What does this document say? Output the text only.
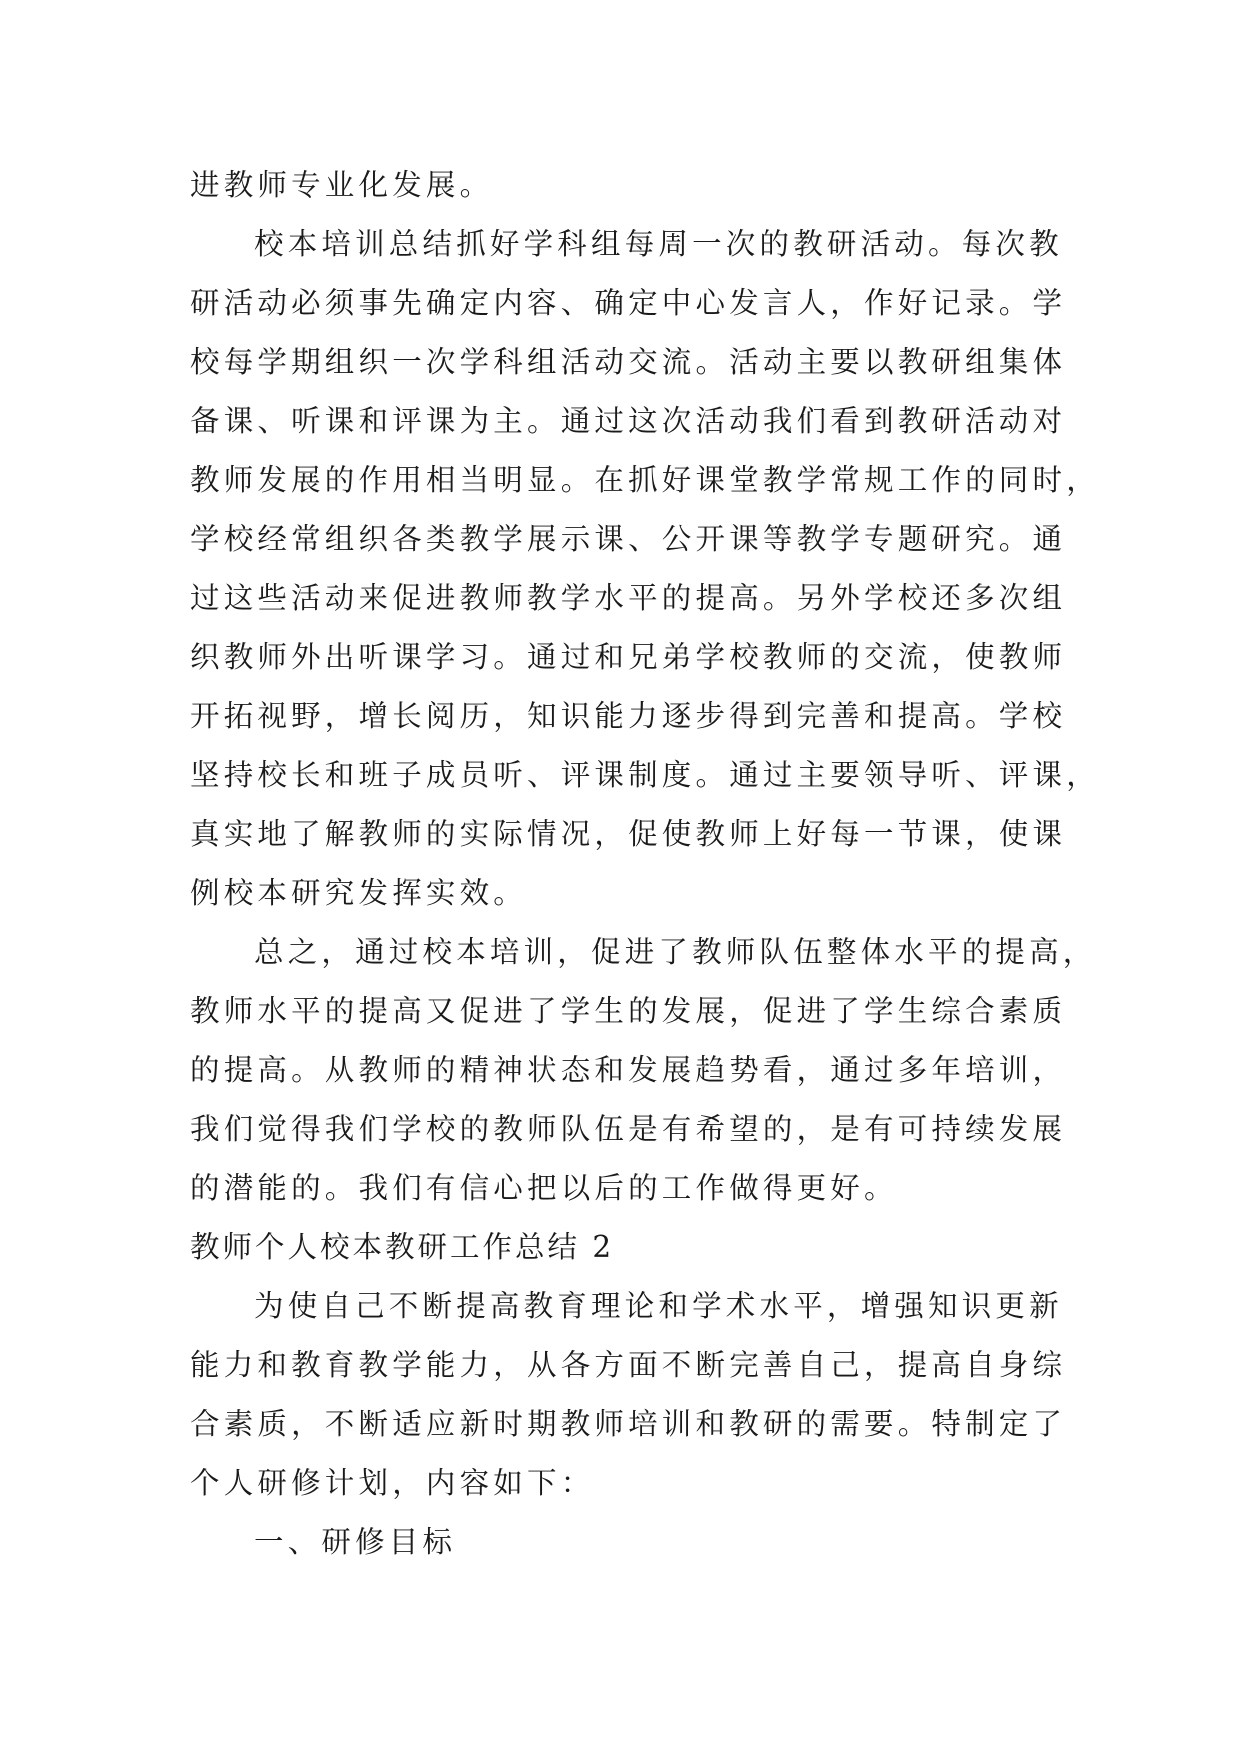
进教师专业化发展。
校本培训总结抓好学科组每周一次的教研活动。每次教
研活动必须事先确定内容、确定中心发言人，作好记录。学
校每学期组织一次学科组活动交流。活动主要以教研组集体
备课、听课和评课为主。通过这次活动我们看到教研活动对
教师发展的作用相当明显。在抓好课堂教学常规工作的同时，
学校经常组织各类教学展示课、公开课等教学专题研究。通
过这些活动来促进教师教学水平的提高。另外学校还多次组
织教师外出听课学习。通过和兄弟学校教师的交流，使教师
开拓视野，增长阅历，知识能力逐步得到完善和提高。学校
坚持校长和班子成员听、评课制度。通过主要领导听、评课，
真实地了解教师的实际情况，促使教师上好每一节课，使课
例校本研究发挥实效。
总之，通过校本培训，促进了教师队伍整体水平的提高，
教师水平的提高又促进了学生的发展，促进了学生综合素质
的提高。从教师的精神状态和发展趋势看，通过多年培训，
我们觉得我们学校的教师队伍是有希望的，是有可持续发展
的潜能的。我们有信心把以后的工作做得更好。
教师个人校本教研工作总结 2
为使自己不断提高教育理论和学术水平，增强知识更新
能力和教育教学能力，从各方面不断完善自己，提高自身综
合素质，不断适应新时期教师培训和教研的需要。特制定了
个人研修计划，内容如下：
一、研修目标
